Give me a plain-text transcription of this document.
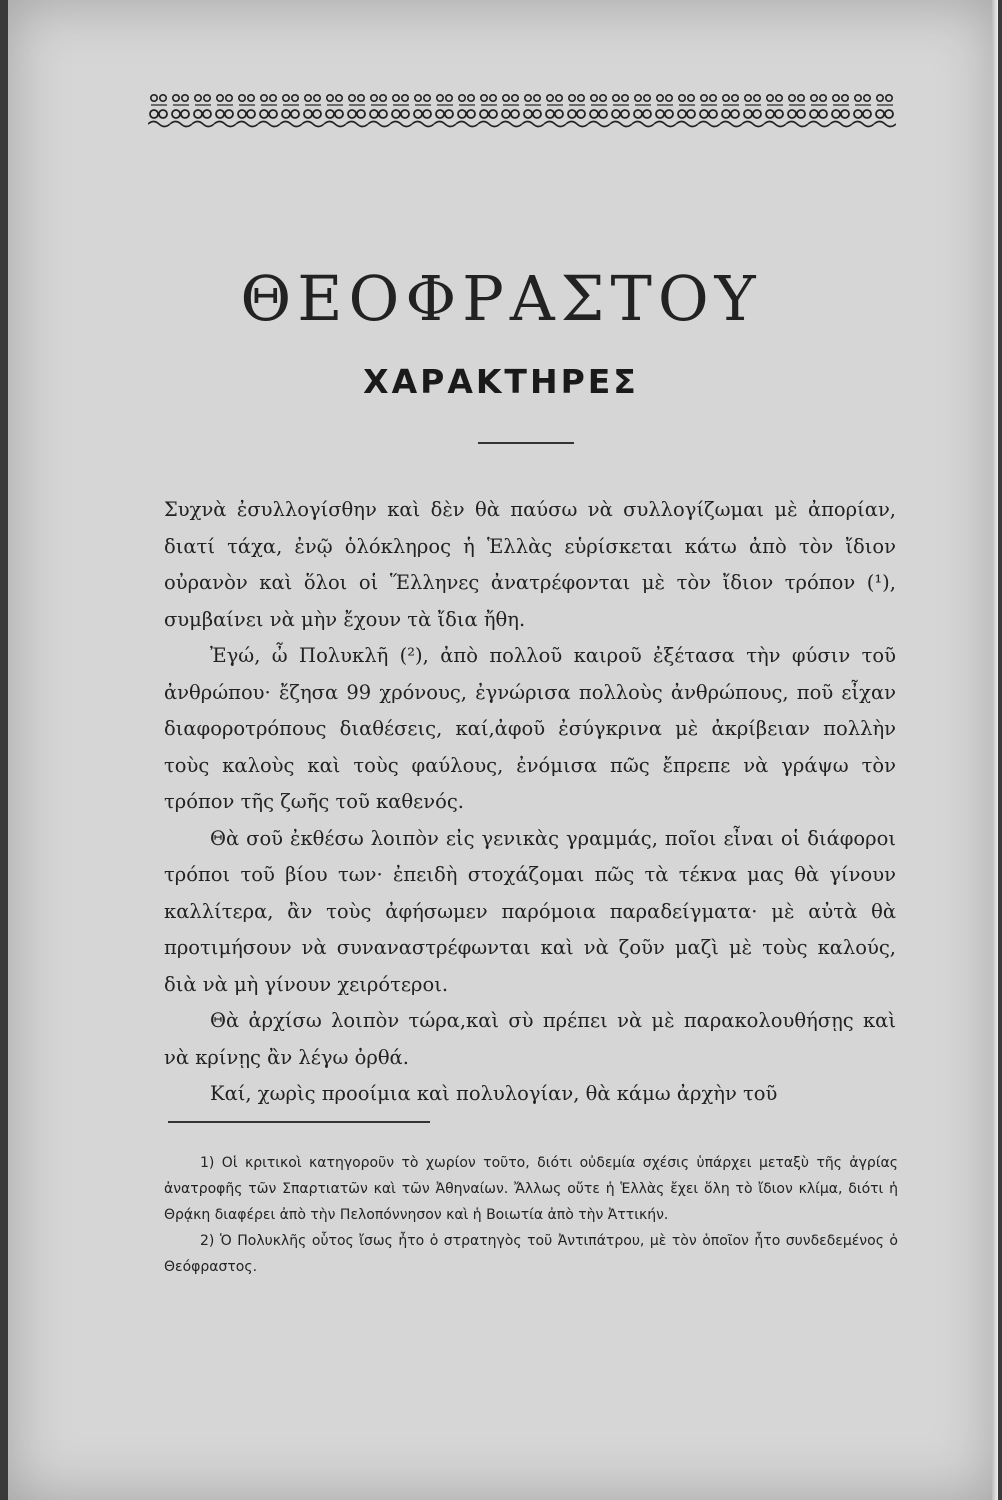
ΘΕΟΦΡΑΣΤΟΥ
ΧΑΡΑΚΤΗΡΕΣ

Συχνὰ ἐσυλλογίσθην καὶ δὲν θὰ παύσω νὰ συλλογίζωμαι μὲ ἀπορίαν, διατί τάχα, ἐνῷ ὁλόκληρος ἡ Ἑλλὰς εὑρίσκεται κάτω ἀπὸ τὸν ἴδιον οὐρανὸν καὶ ὅλοι οἱ Ἕλληνες ἀνατρέφονται μὲ τὸν ἴδιον τρόπον (¹), συμβαίνει νὰ μὴν ἔχουν τὰ ἴδια ἤθη.

Ἐγώ, ὦ Πολυκλῆ (²), ἀπὸ πολλοῦ καιροῦ ἐξέτασα τὴν φύσιν τοῦ ἀνθρώπου· ἔζησα 99 χρόνους, ἐγνώρισα πολλοὺς ἀνθρώπους, ποῦ εἶχαν διαφοροτρόπους διαθέσεις, καί,ἀφοῦ ἐσύγκρινα μὲ ἀκρίβειαν πολλὴν τοὺς καλοὺς καὶ τοὺς φαύλους, ἐνόμισα πῶς ἔπρεπε νὰ γράψω τὸν τρόπον τῆς ζωῆς τοῦ καθενός.

Θὰ σοῦ ἐκθέσω λοιπὸν εἰς γενικὰς γραμμάς, ποῖοι εἶναι οἱ διάφοροι τρόποι τοῦ βίου των· ἐπειδὴ στοχάζομαι πῶς τὰ τέκνα μας θὰ γίνουν καλλίτερα, ἂν τοὺς ἀφήσωμεν παρόμοια παραδείγματα· μὲ αὐτὰ θὰ προτιμήσουν νὰ συναναστρέφωνται καὶ νὰ ζοῦν μαζὶ μὲ τοὺς καλούς, διὰ νὰ μὴ γίνουν χειρότεροι.

Θὰ ἀρχίσω λοιπὸν τώρα,καὶ σὺ πρέπει νὰ μὲ παρακολουθήσῃς καὶ νὰ κρίνῃς ἂν λέγω ὀρθά.

Καί, χωρὶς προοίμια καὶ πολυλογίαν, θὰ κάμω ἀρχὴν τοῦ

1) Οἱ κριτικοὶ κατηγοροῦν τὸ χωρίον τοῦτο, διότι οὐδεμία σχέσις ὑπάρχει μεταξὺ τῆς ἀγρίας ἀνατροφῆς τῶν Σπαρτιατῶν καὶ τῶν Ἀθηναίων. Ἄλλως οὔτε ἡ Ἑλλὰς ἔχει ὅλη τὸ ἴδιον κλίμα, διότι ἡ Θρᾴκη διαφέρει ἀπὸ τὴν Πελοπόννησον καὶ ἡ Βοιωτία ἀπὸ τὴν Ἀττικήν.

2) Ὁ Πολυκλῆς οὗτος ἴσως ἦτο ὁ στρατηγὸς τοῦ Ἀντιπάτρου, μὲ τὸν ὁποῖον ἦτο συνδεδεμένος ὁ Θεόφραστος.
